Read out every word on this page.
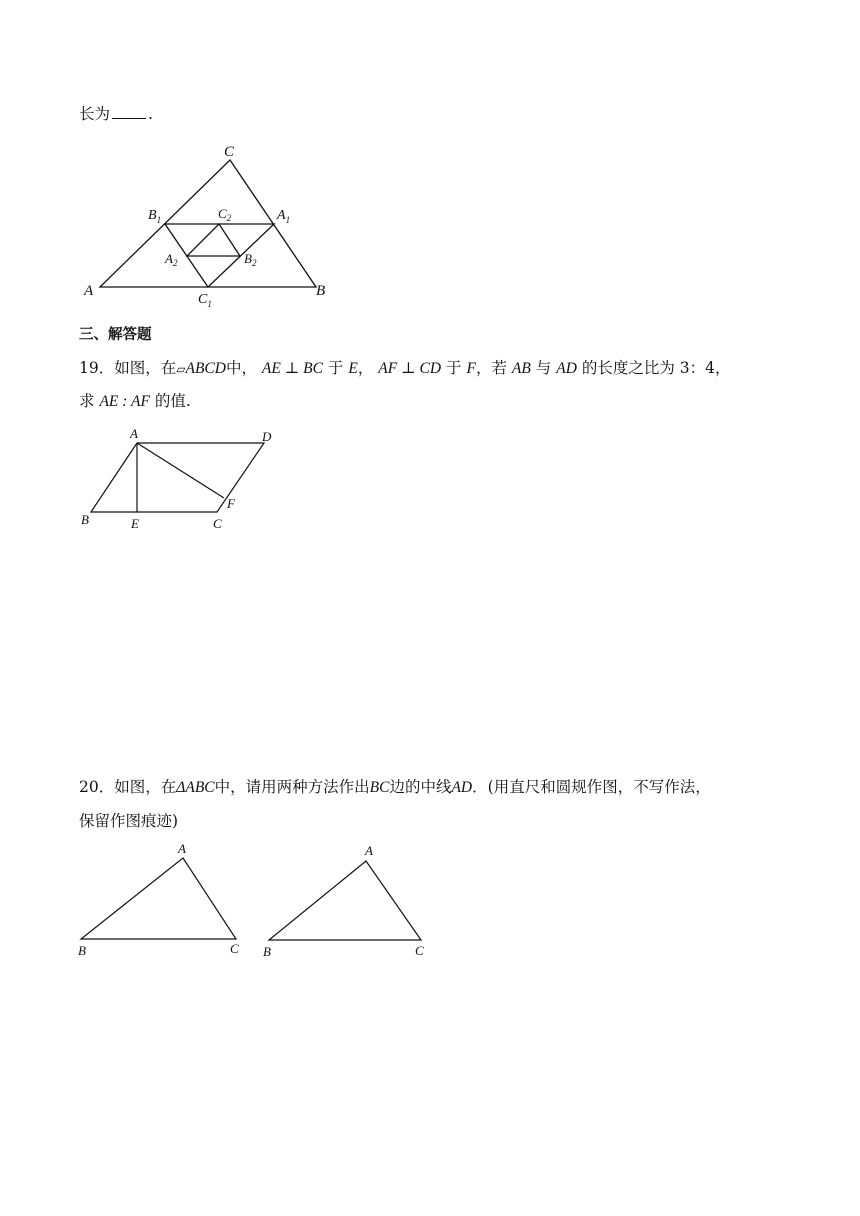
长为 .
C
A	B
$B_1$	$A_1$
$C_1$
$C_2$
$A_2$	$B_2$
三、解答题
19．如图，在▱ABCD中， AE ⊥ BC 于 E， AF ⊥ CD 于 F，若 AB 与 AD 的长度之比为 3：4，
求 AE : AF 的值.
A	D
B	E	C
F
20．如图，在ΔABC中，请用两种方法作出BC边的中线AD．(用直尺和圆规作图，不写作法，
保留作图痕迹)
A
B	C
A
B	C
